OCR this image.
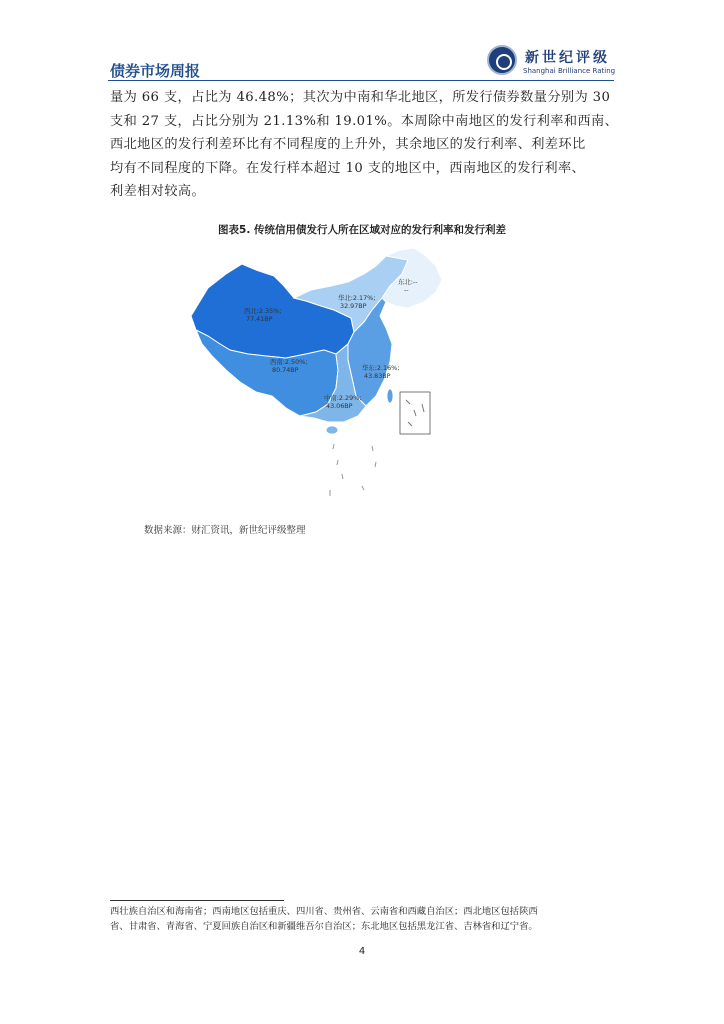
债券市场周报
新世纪评级
Shanghai Brilliance Rating

量为 66 支，占比为 46.48%；其次为中南和华北地区，所发行债券数量分别为 30
支和 27 支，占比分别为 21.13%和 19.01%。本周除中南地区的发行利率和西南、
西北地区的发行利差环比有不同程度的上升外，其余地区的发行利率、利差环比
均有不同程度的下降。在发行样本超过 10 支的地区中，西南地区的发行利率、
利差相对较高。

图表5. 传统信用债发行人所在区域对应的发行利率和发行利差
西北:2.35%;
77.41BP
华北:2.17%;
32.97BP
东北:--
--
西南:2.50%;
80.74BP	华东:2.16%;
43.83BP
中南:2.29%;
43.06BP
数据来源：财汇资讯，新世纪评级整理

西壮族自治区和海南省；西南地区包括重庆、四川省、贵州省、云南省和西藏自治区；西北地区包括陕西
省、甘肃省、青海省、宁夏回族自治区和新疆维吾尔自治区；东北地区包括黑龙江省、吉林省和辽宁省。

4
